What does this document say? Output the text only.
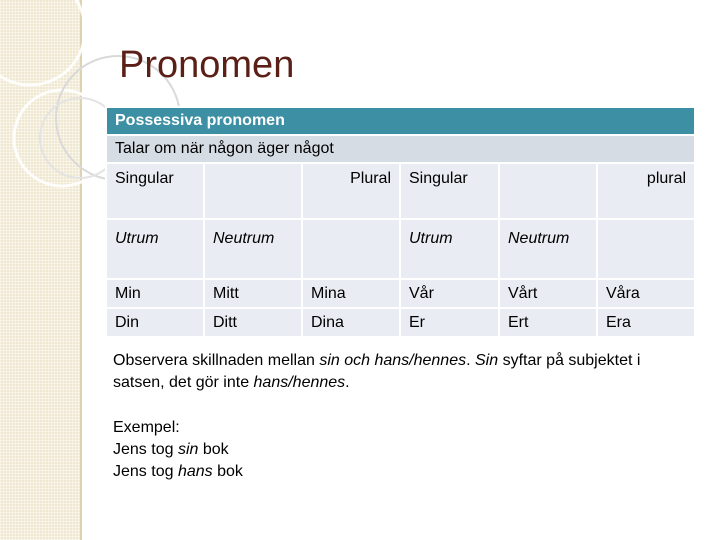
Pronomen
Possessiva pronomen					
Talar om när någon äger något					
Singular		Plural	Singular		plural
Utrum	Neutrum		Utrum	Neutrum	
Min	Mitt	Mina	Vår	Vårt	Våra
Din	Ditt	Dina	Er	Ert	Era
Observera skillnaden mellan sin och hans/hennes. Sin syftar på subjektet i satsen, det gör inte hans/hennes.
Exempel:
Jens tog sin bok
Jens tog hans bok
